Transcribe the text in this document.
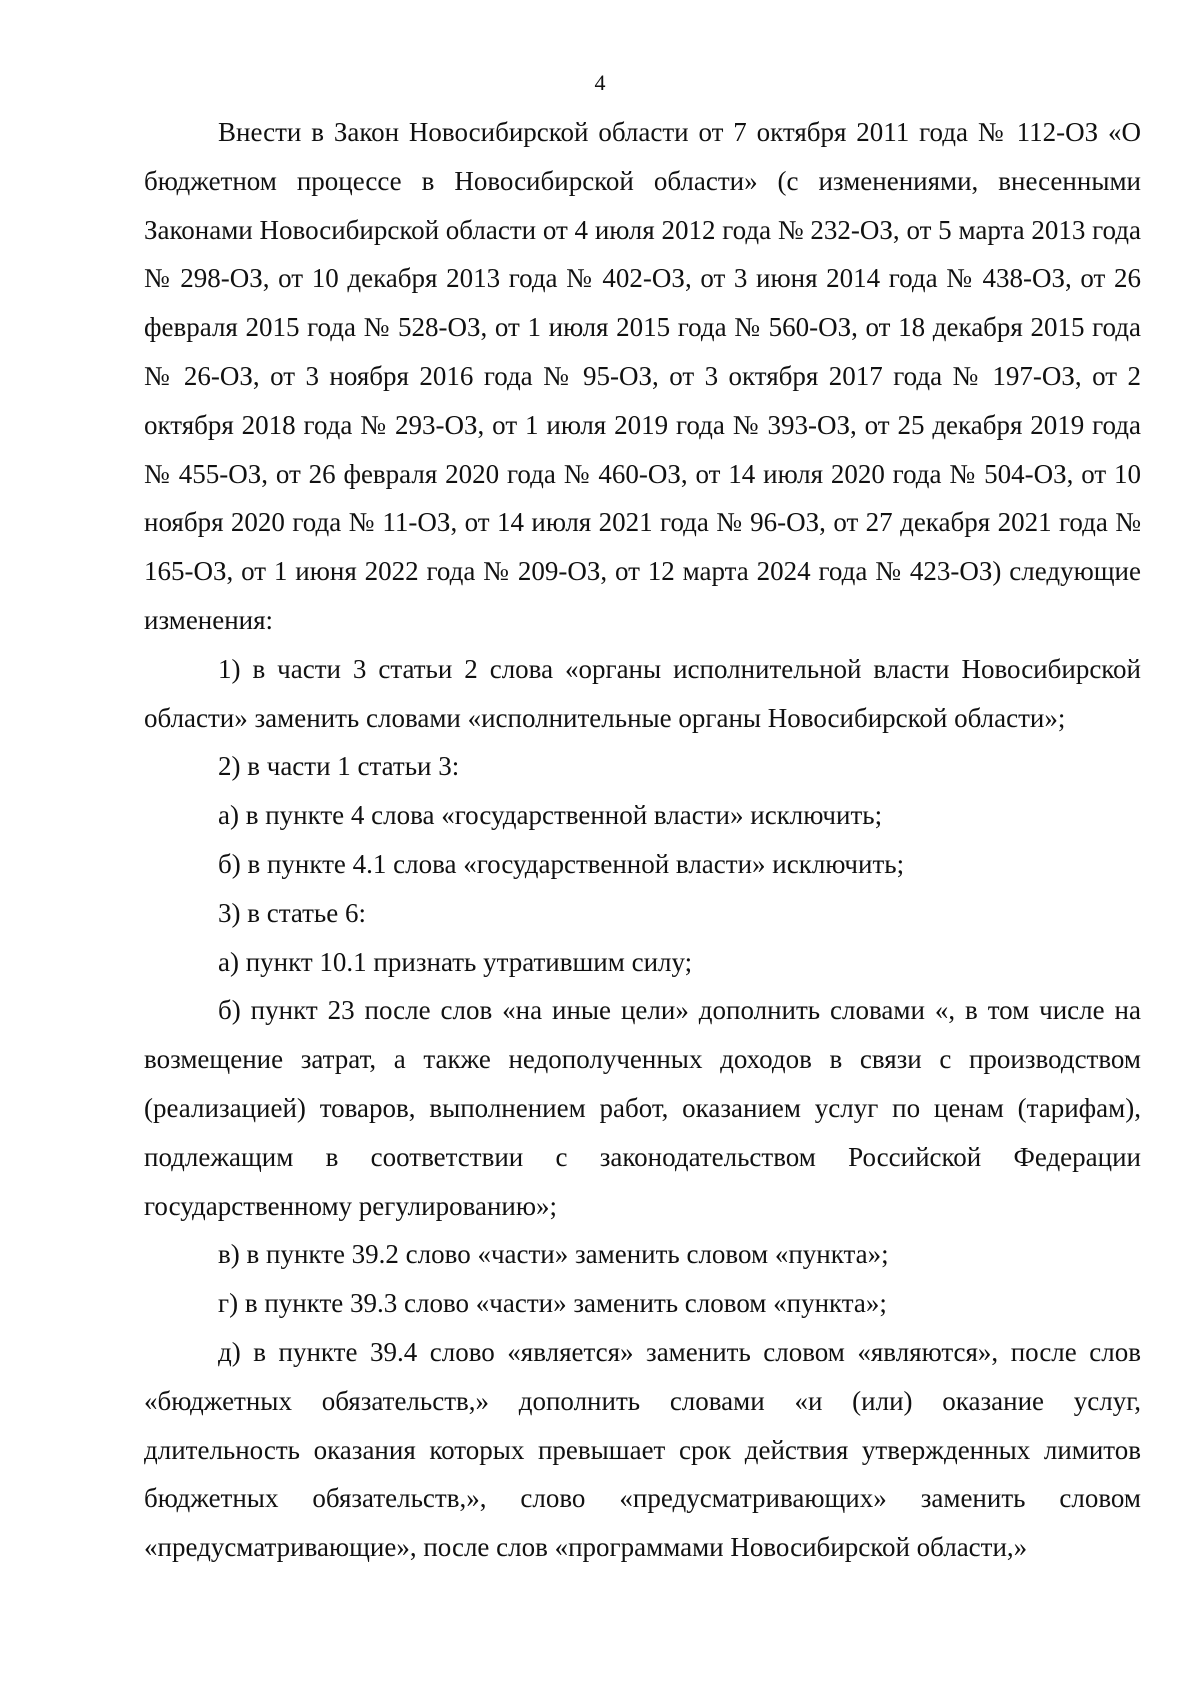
4

Внести в Закон Новосибирской области от 7 октября 2011 года № 112-ОЗ «О бюджетном процессе в Новосибирской области» (с изменениями, внесенными Законами Новосибирской области от 4 июля 2012 года № 232-ОЗ, от 5 марта 2013 года № 298-ОЗ, от 10 декабря 2013 года № 402-ОЗ, от 3 июня 2014 года № 438-ОЗ, от 26 февраля 2015 года № 528-ОЗ, от 1 июля 2015 года № 560-ОЗ, от 18 декабря 2015 года № 26-ОЗ, от 3 ноября 2016 года № 95-ОЗ, от 3 октября 2017 года № 197-ОЗ, от 2 октября 2018 года № 293-ОЗ, от 1 июля 2019 года № 393-ОЗ, от 25 декабря 2019 года № 455-ОЗ, от 26 февраля 2020 года № 460-ОЗ, от 14 июля 2020 года № 504-ОЗ, от 10 ноября 2020 года № 11-ОЗ, от 14 июля 2021 года № 96-ОЗ, от 27 декабря 2021 года № 165-ОЗ, от 1 июня 2022 года № 209-ОЗ, от 12 марта 2024 года № 423-ОЗ) следующие изменения:

1) в части 3 статьи 2 слова «органы исполнительной власти Новосибирской области» заменить словами «исполнительные органы Новосибирской области»;

2) в части 1 статьи 3:

а) в пункте 4 слова «государственной власти» исключить;

б) в пункте 4.1 слова «государственной власти» исключить;

3) в статье 6:

а) пункт 10.1 признать утратившим силу;

б) пункт 23 после слов «на иные цели» дополнить словами «, в том числе на возмещение затрат, а также недополученных доходов в связи с производством (реализацией) товаров, выполнением работ, оказанием услуг по ценам (тарифам), подлежащим в соответствии с законодательством Российской Федерации государственному регулированию»;

в) в пункте 39.2 слово «части» заменить словом «пункта»;

г) в пункте 39.3 слово «части» заменить словом «пункта»;

д) в пункте 39.4 слово «является» заменить словом «являются», после слов «бюджетных обязательств,» дополнить словами «и (или) оказание услуг, длительность оказания которых превышает срок действия утвержденных лимитов бюджетных обязательств,», слово «предусматривающих» заменить словом «предусматривающие», после слов «программами Новосибирской области,»
